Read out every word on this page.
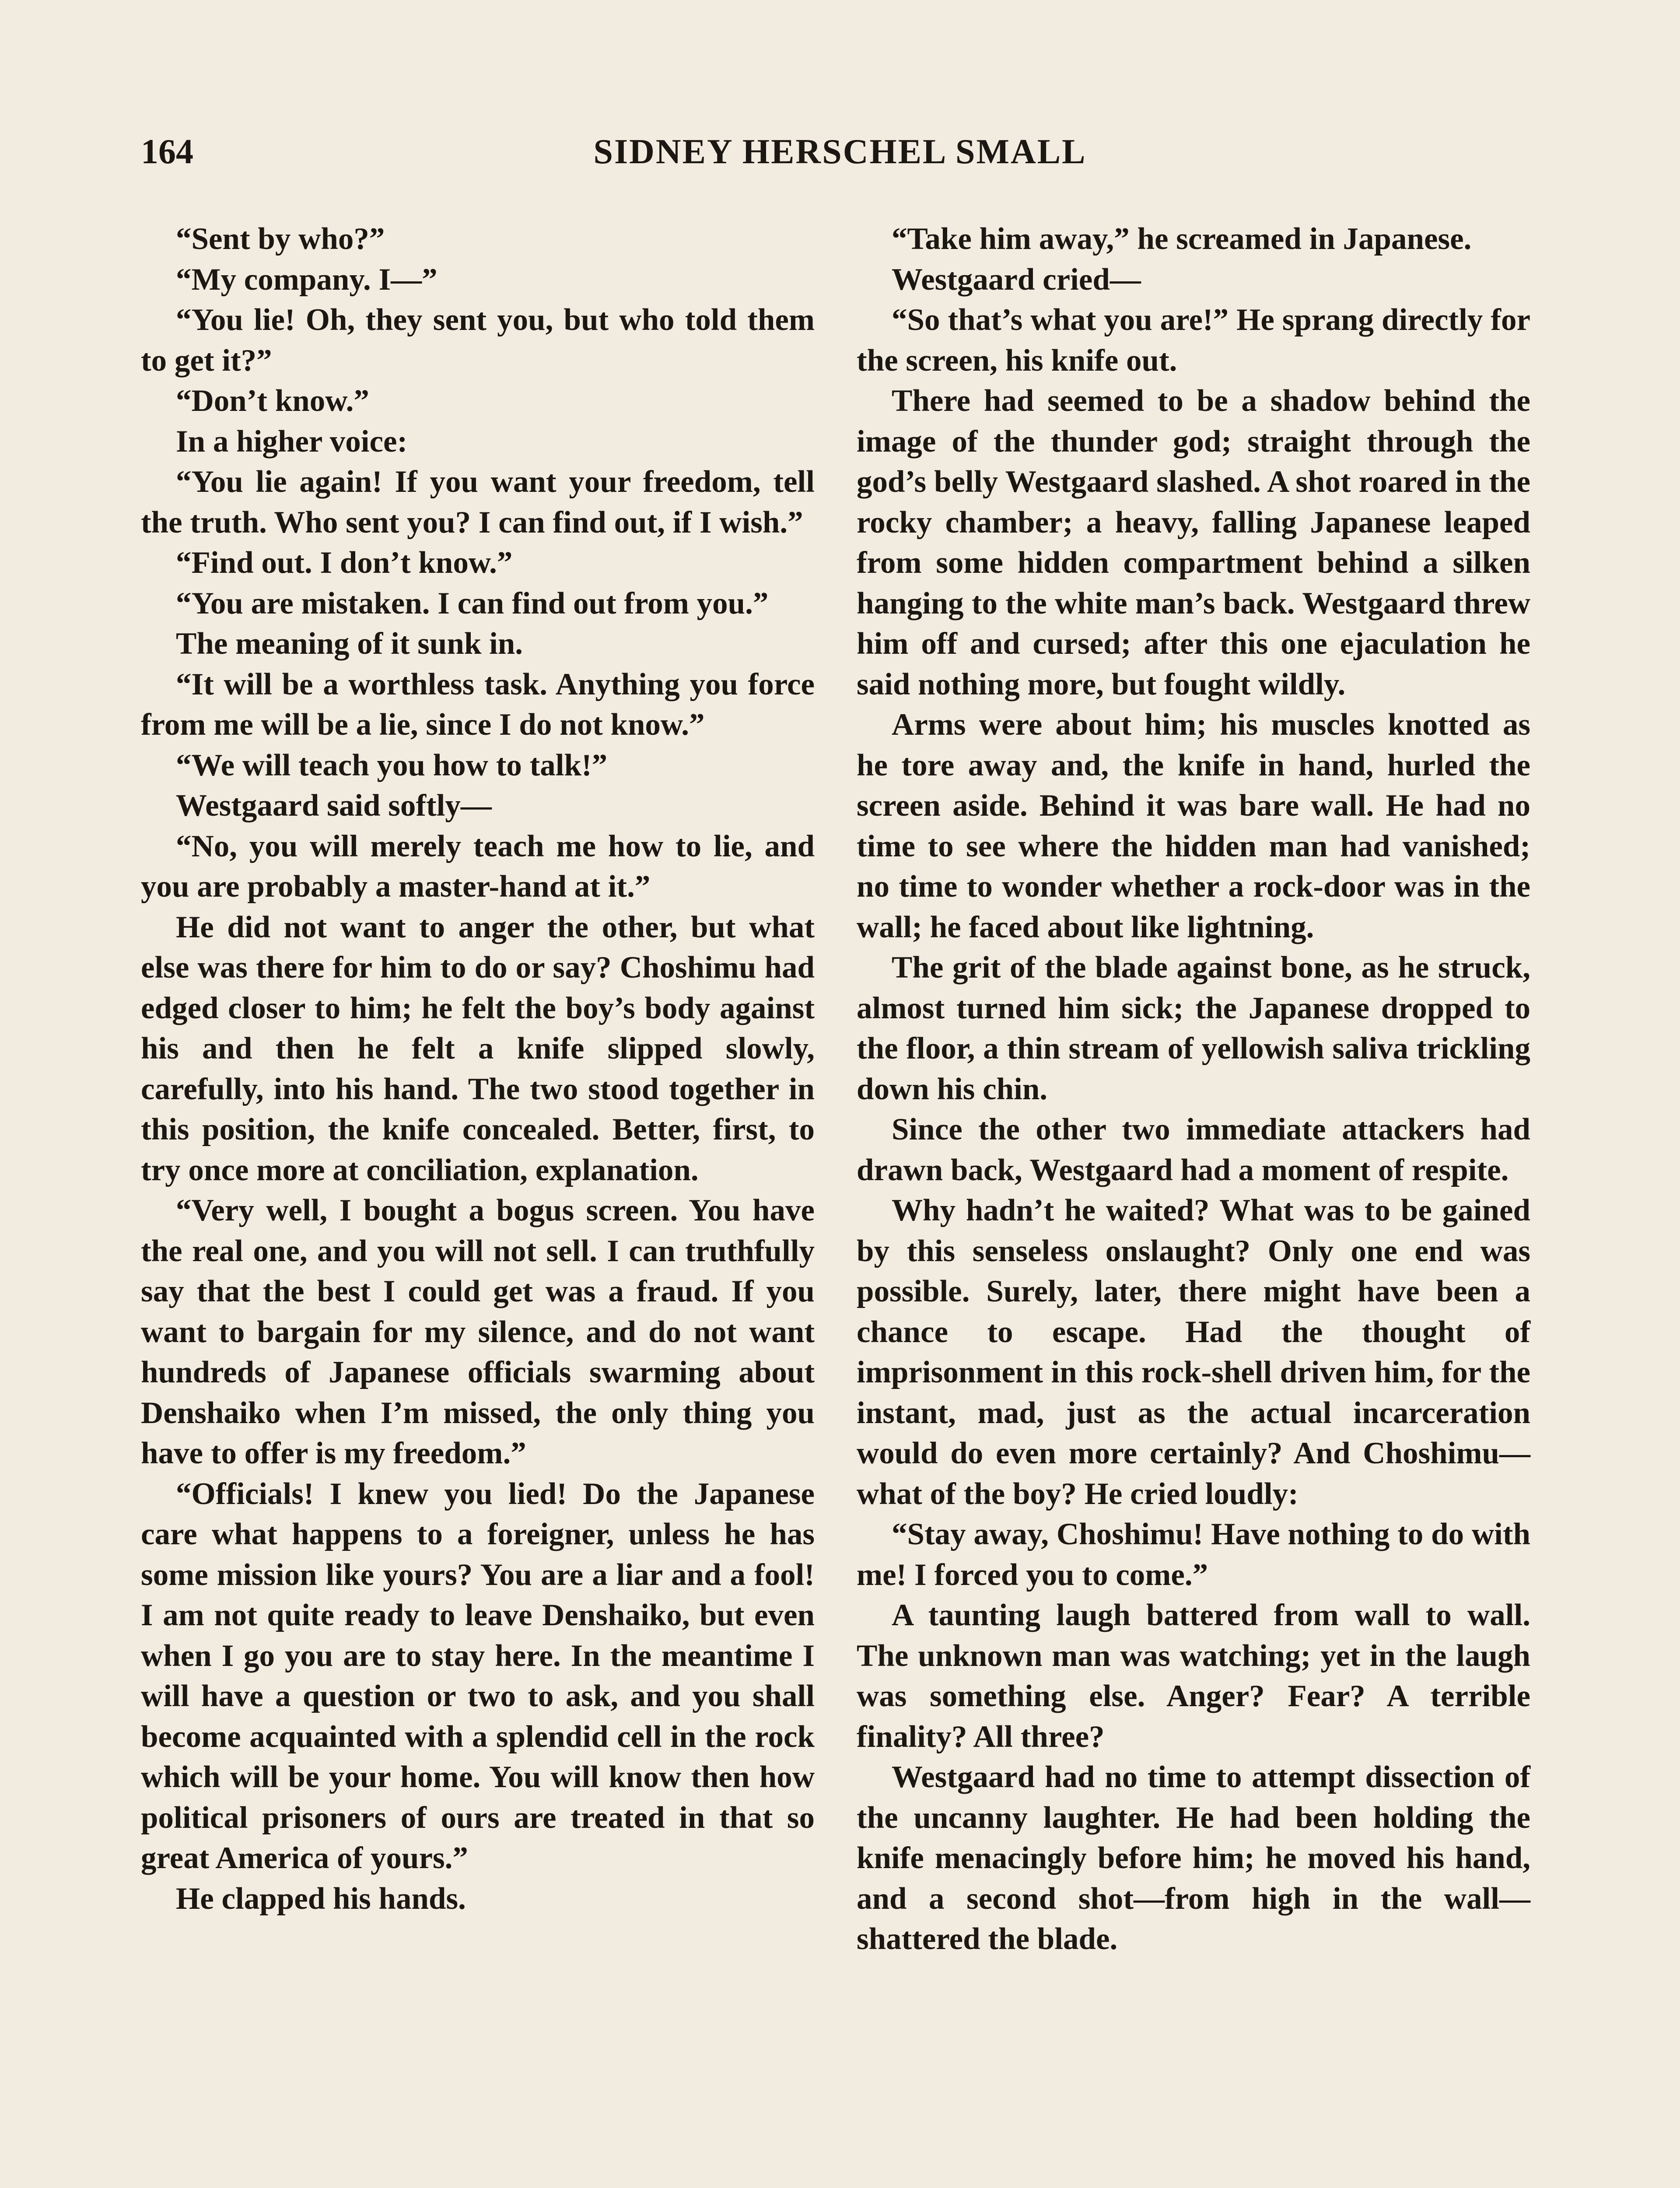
164	SIDNEY HERSCHEL SMALL

“Sent by who?”

“My company. I—”

“You lie! Oh, they sent you, but who told them to get it?”

“Don’t know.”

In a higher voice:

“You lie again! If you want your freedom, tell the truth. Who sent you? I can find out, if I wish.”

“Find out. I don’t know.”

“You are mistaken. I can find out from you.”

The meaning of it sunk in.

“It will be a worthless task. Anything you force from me will be a lie, since I do not know.”

“We will teach you how to talk!”

Westgaard said softly—

“No, you will merely teach me how to lie, and you are probably a master-hand at it.”

He did not want to anger the other, but what else was there for him to do or say? Choshimu had edged closer to him; he felt the boy’s body against his and then he felt a knife slipped slowly, carefully, into his hand. The two stood together in this position, the knife concealed. Better, first, to try once more at conciliation, explanation.

“Very well, I bought a bogus screen. You have the real one, and you will not sell. I can truthfully say that the best I could get was a fraud. If you want to bargain for my silence, and do not want hundreds of Japanese officials swarming about Denshaiko when I’m missed, the only thing you have to offer is my freedom.”

“Officials! I knew you lied! Do the Japanese care what happens to a foreigner, unless he has some mission like yours? You are a liar and a fool! I am not quite ready to leave Denshaiko, but even when I go you are to stay here. In the meantime I will have a question or two to ask, and you shall become acquainted with a splendid cell in the rock which will be your home. You will know then how political prisoners of ours are treated in that so great America of yours.”

He clapped his hands.

“Take him away,” he screamed in Japanese.

Westgaard cried—

“So that’s what you are!” He sprang directly for the screen, his knife out.

There had seemed to be a shadow behind the image of the thunder god; straight through the god’s belly Westgaard slashed. A shot roared in the rocky chamber; a heavy, falling Japanese leaped from some hidden compartment behind a silken hanging to the white man’s back. Westgaard threw him off and cursed; after this one ejaculation he said nothing more, but fought wildly.

Arms were about him; his muscles knotted as he tore away and, the knife in hand, hurled the screen aside. Behind it was bare wall. He had no time to see where the hidden man had vanished; no time to wonder whether a rock-door was in the wall; he faced about like lightning.

The grit of the blade against bone, as he struck, almost turned him sick; the Japanese dropped to the floor, a thin stream of yellowish saliva trickling down his chin.

Since the other two immediate attackers had drawn back, Westgaard had a moment of respite.

Why hadn’t he waited? What was to be gained by this senseless onslaught? Only one end was possible. Surely, later, there might have been a chance to escape. Had the thought of imprisonment in this rock-shell driven him, for the instant, mad, just as the actual incarceration would do even more certainly? And Choshimu—what of the boy? He cried loudly:

“Stay away, Choshimu! Have nothing to do with me! I forced you to come.”

A taunting laugh battered from wall to wall. The unknown man was watching; yet in the laugh was something else. Anger? Fear? A terrible finality? All three?

Westgaard had no time to attempt dissection of the uncanny laughter. He had been holding the knife menacingly before him; he moved his hand, and a second shot—from high in the wall—shattered the blade.
